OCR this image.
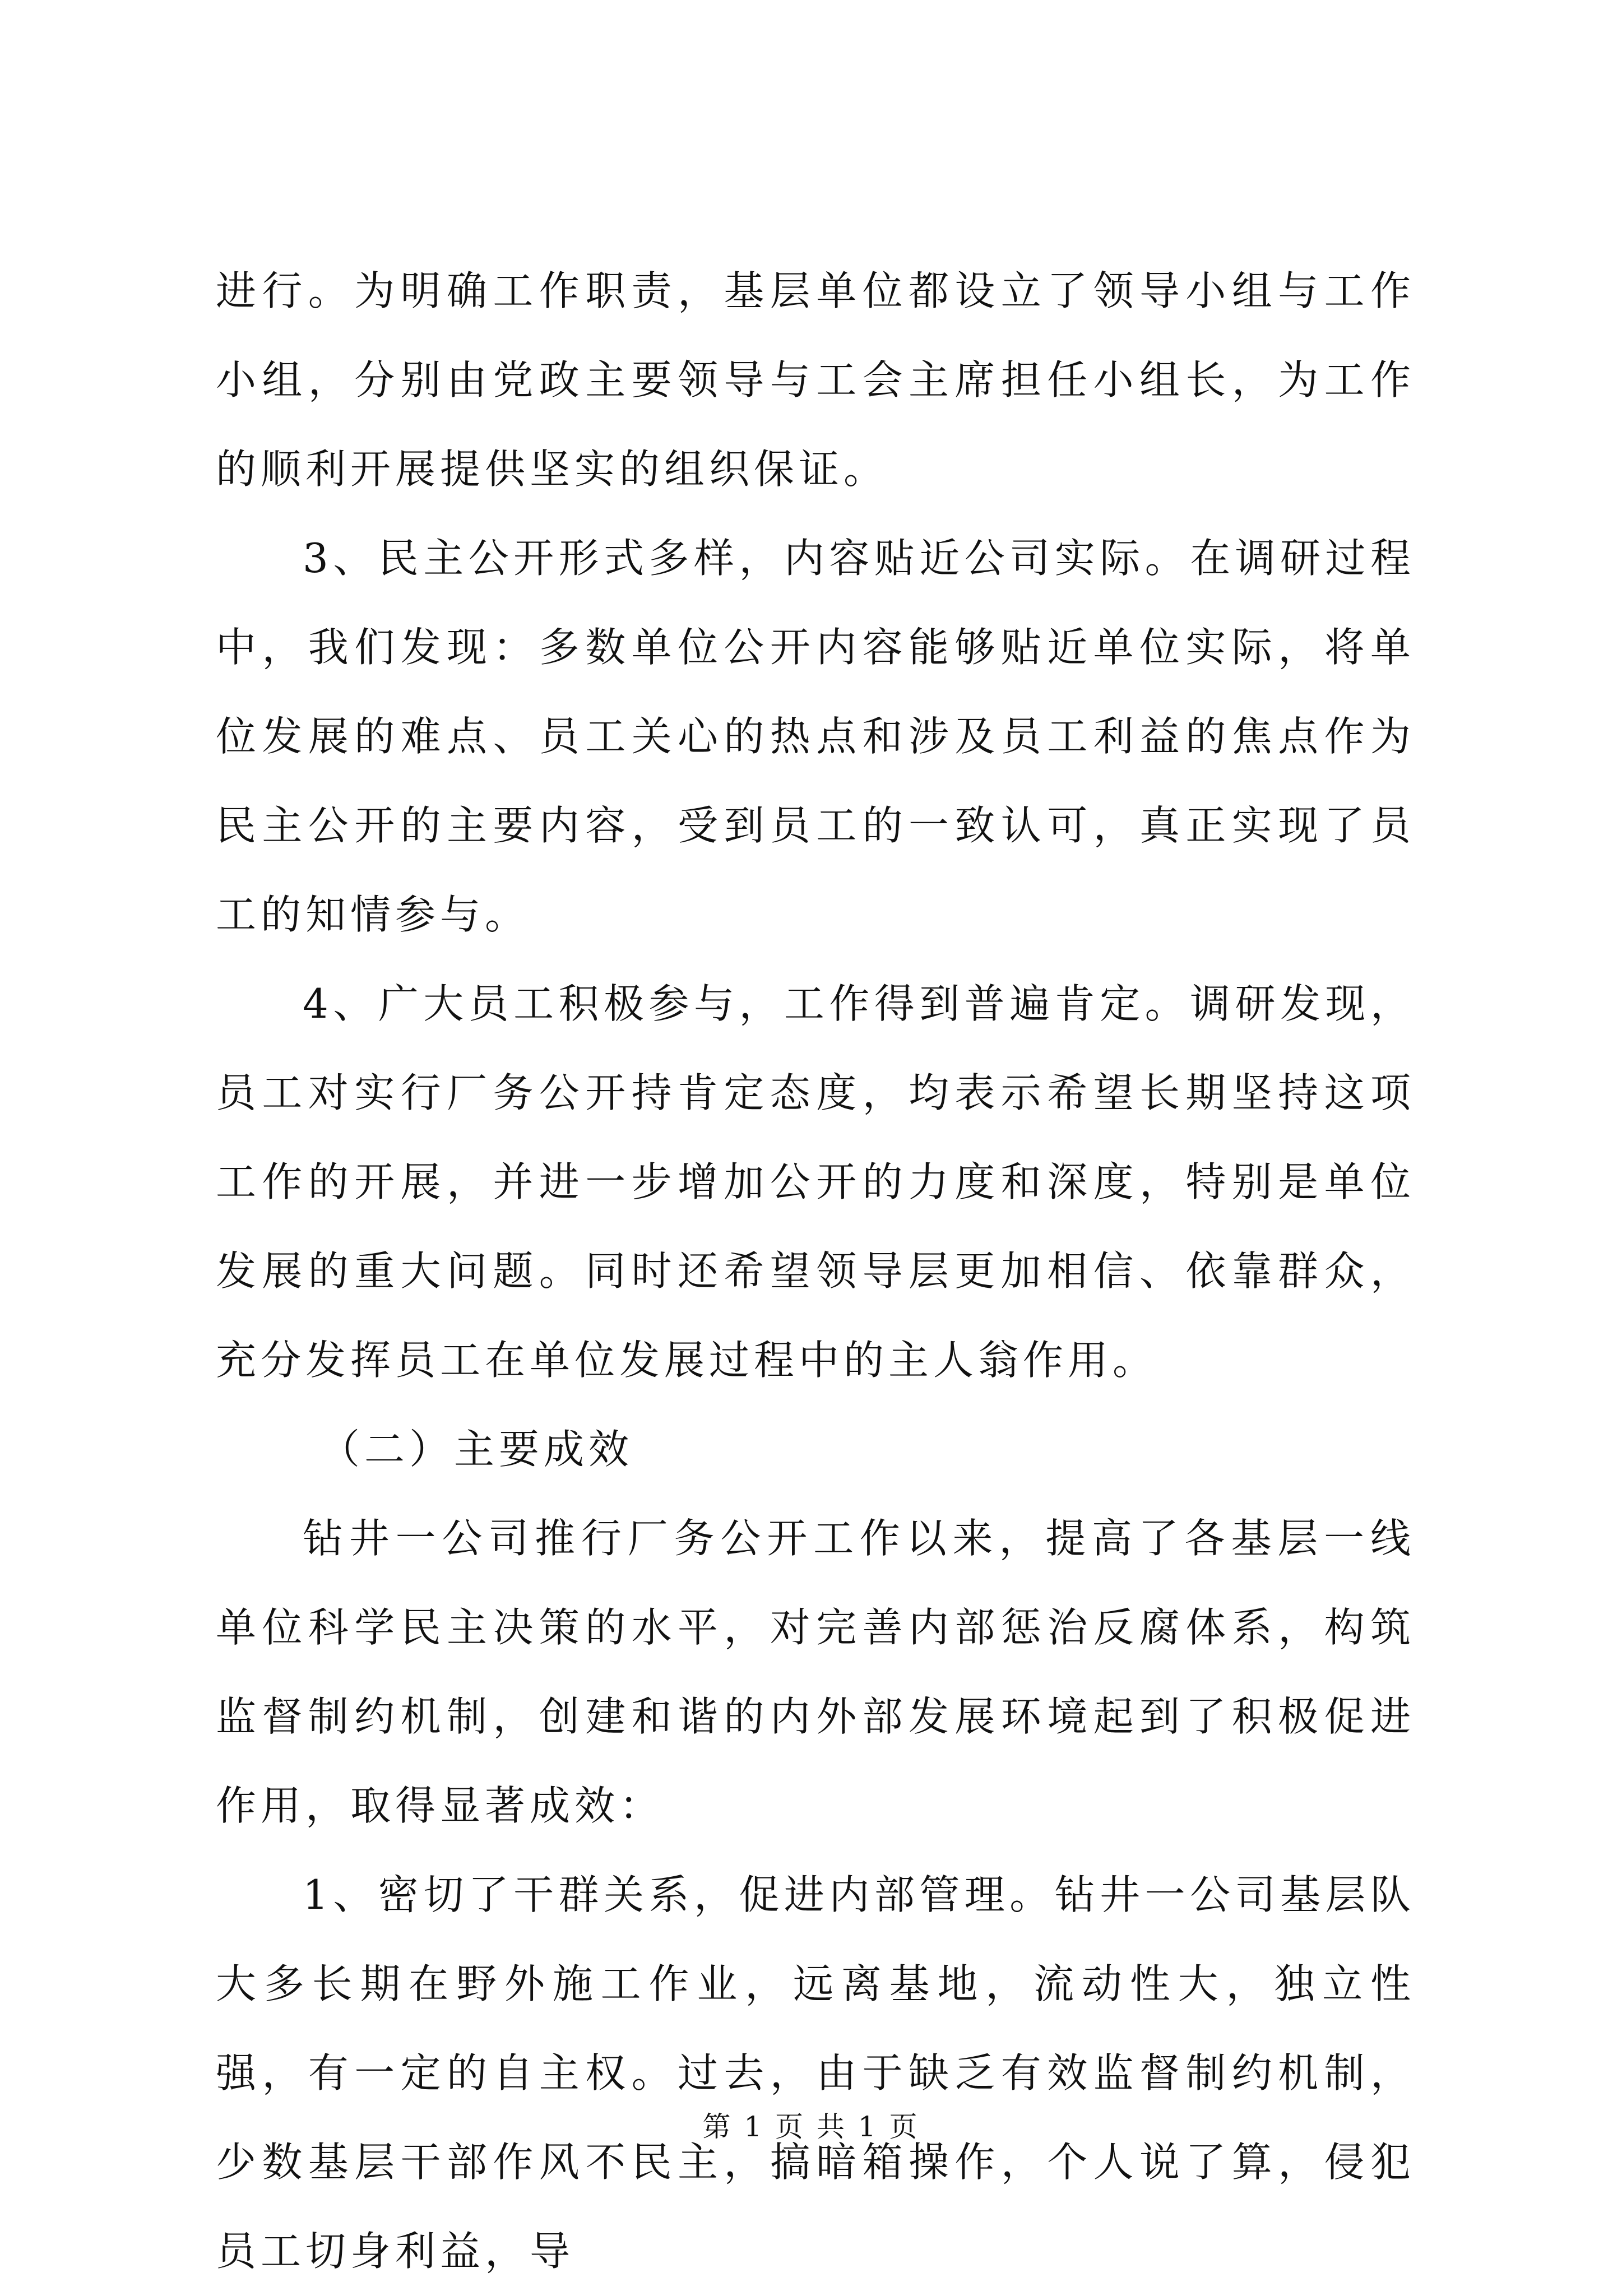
进行。为明确工作职责，基层单位都设立了领导小组与工作小组，分别由党政主要领导与工会主席担任小组长，为工作的顺利开展提供坚实的组织保证。

3、民主公开形式多样，内容贴近公司实际。在调研过程中，我们发现：多数单位公开内容能够贴近单位实际，将单位发展的难点、员工关心的热点和涉及员工利益的焦点作为民主公开的主要内容，受到员工的一致认可，真正实现了员工的知情参与。

4、广大员工积极参与，工作得到普遍肯定。调研发现，员工对实行厂务公开持肯定态度，均表示希望长期坚持这项工作的开展，并进一步增加公开的力度和深度，特别是单位发展的重大问题。同时还希望领导层更加相信、依靠群众，充分发挥员工在单位发展过程中的主人翁作用。

（二）主要成效

钻井一公司推行厂务公开工作以来，提高了各基层一线单位科学民主决策的水平，对完善内部惩治反腐体系，构筑监督制约机制，创建和谐的内外部发展环境起到了积极促进作用，取得显著成效：

1、密切了干群关系，促进内部管理。钻井一公司基层队大多长期在野外施工作业，远离基地，流动性大，独立性强，有一定的自主权。过去，由于缺乏有效监督制约机制，少数基层干部作风不民主，搞暗箱操作，个人说了算，侵犯员工切身利益，导

第 1 页 共 1 页
